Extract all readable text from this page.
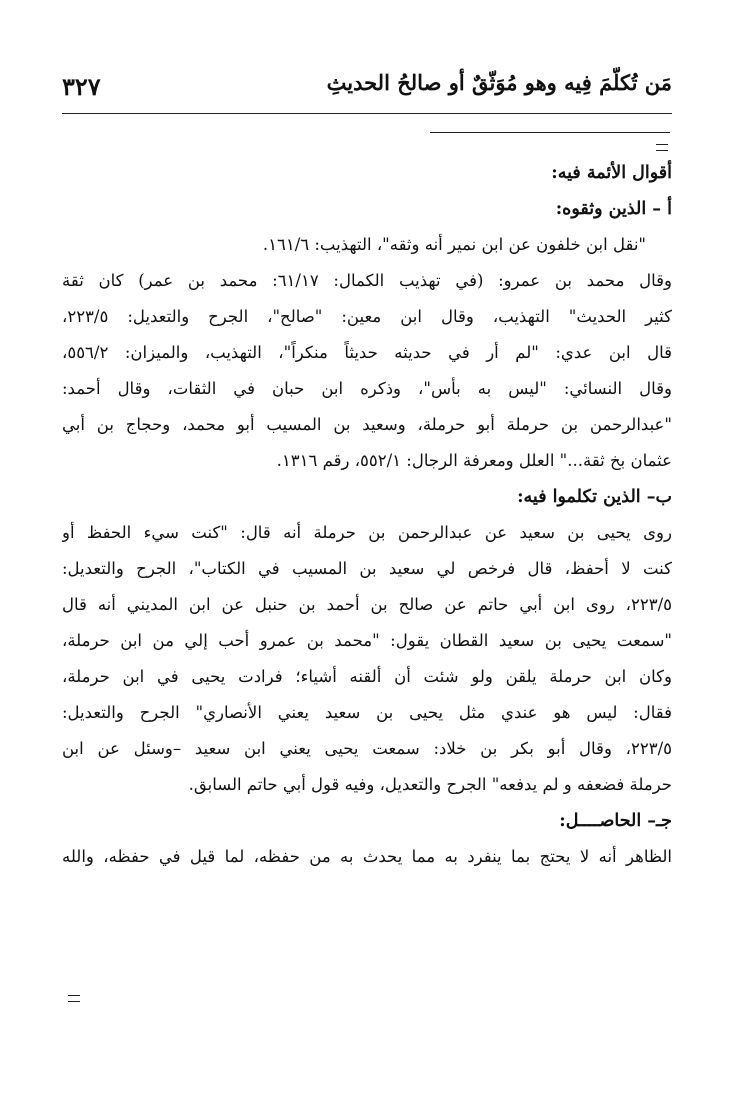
٣٢٧	مَن تُكلّمَ فِيه وهو مُوَثّقٌ أو صالحُ الحديثِ
أقوال الأئمة فيه:
أ – الذين وثقوه:
"نقل ابن خلفون عن ابن نمير أنه وثقه"، التهذيب: ١٦١/٦.
وقال محمد بن عمرو: (في تهذيب الكمال: ٦١/١٧: محمد بن عمر) كان ثقة
كثير الحديث" التهذيب، وقال ابن معين: "صالح"، الجرح والتعديل: ٢٢٣/٥،
قال ابن عدي: "لم أر في حديثه حديثاً منكراً"، التهذيب، والميزان: ٥٥٦/٢،
وقال النسائي: "ليس به بأس"، وذكره ابن حبان في الثقات، وقال أحمد:
"عبدالرحمن بن حرملة أبو حرملة، وسعيد بن المسيب أبو محمد، وحجاج بن أبي
عثمان بخ ثقة..." العلل ومعرفة الرجال: ٥٥٢/١، رقم ١٣١٦.
ب– الذين تكلموا فيه:
روى يحيى بن سعيد عن عبدالرحمن بن حرملة أنه قال: "كنت سيء الحفظ أو
كنت لا أحفظ، قال فرخص لي سعيد بن المسيب في الكتاب"، الجرح والتعديل:
٢٢٣/٥، روى ابن أبي حاتم عن صالح بن أحمد بن حنبل عن ابن المديني أنه قال
"سمعت يحيى بن سعيد القطان يقول: "محمد بن عمرو أحب إلي من ابن حرملة،
وكان ابن حرملة يلقن ولو شئت أن ألقنه أشياء؛ فرادت يحيى في ابن حرملة،
فقال: ليس هو عندي مثل يحيى بن سعيد يعني الأنصاري" الجرح والتعديل:
٢٢٣/٥، وقال أبو بكر بن خلاد: سمعت يحيى يعني ابن سعيد –وسئل عن ابن
حرملة فضعفه و لم يدفعه" الجرح والتعديل، وفيه قول أبي حاتم السابق.
جـ– الحاصــــل:
الظاهر أنه لا يحتج بما ينفرد به مما يحدث به من حفظه، لما قيل في حفظه، والله
